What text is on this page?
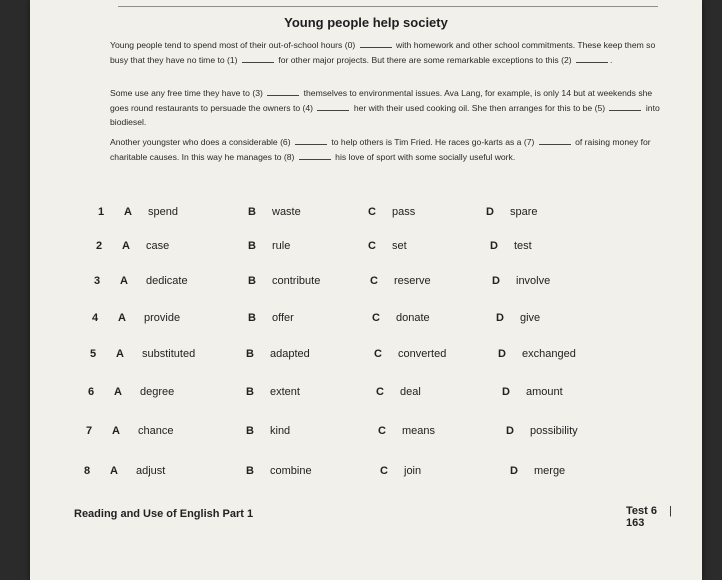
Young people help society
Young people tend to spend most of their out-of-school hours (0)	with homework and other school commitments. These keep them so busy that they have no time to (1)	for other major projects. But there are some remarkable exceptions to this (2)	.
Some use any free time they have to (3)	themselves to environmental issues. Ava Lang, for example, is only 14 but at weekends she goes round restaurants to persuade the owners to (4)	her with their used cooking oil. She then arranges for this to be (5)	into biodiesel.
Another youngster who does a considerable (6)	to help others is Tim Fried. He races go-karts as a (7)	of raising money for charitable causes. In this way he manages to (8)	his love of sport with some socially useful work.
1 A spend	B waste	C pass	D spare
2 A case	B rule	C set	D test
3 A dedicate	B contribute	C reserve	D involve
4 A provide	B offer	C donate	D give
5 A substituted	B adapted	C converted	D exchanged
6 A degree	B extent	C deal	D amount
7 A chance	B kind	C means	D possibility
8 A adjust	B combine	C join	D merge
Reading and Use of English Part 1	Test 6 |163
